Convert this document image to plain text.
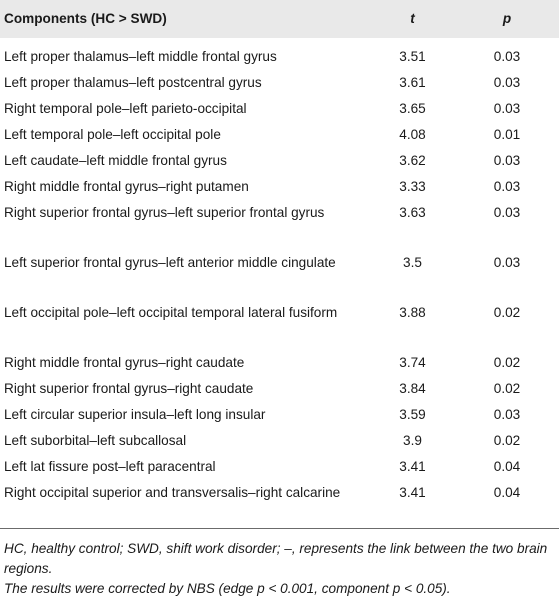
Components (HC > SWD)	t	p
Left proper thalamus–left middle frontal gyrus	3.51	0.03
Left proper thalamus–left postcentral gyrus	3.61	0.03
Right temporal pole–left parieto-occipital	3.65	0.03
Left temporal pole–left occipital pole	4.08	0.01
Left caudate–left middle frontal gyrus	3.62	0.03
Right middle frontal gyrus–right putamen	3.33	0.03
Right superior frontal gyrus–left superior frontal gyrus	3.63	0.03
Left superior frontal gyrus–left anterior middle cingulate	3.5	0.03
Left occipital pole–left occipital temporal lateral fusiform	3.88	0.02
Right middle frontal gyrus–right caudate	3.74	0.02
Right superior frontal gyrus–right caudate	3.84	0.02
Left circular superior insula–left long insular	3.59	0.03
Left suborbital–left subcallosal	3.9	0.02
Left lat fissure post–left paracentral	3.41	0.04
Right occipital superior and transversalis–right calcarine	3.41	0.04

HC, healthy control; SWD, shift work disorder; –, represents the link between the two brain regions.

The results were corrected by NBS (edge p < 0.001, component p < 0.05).
